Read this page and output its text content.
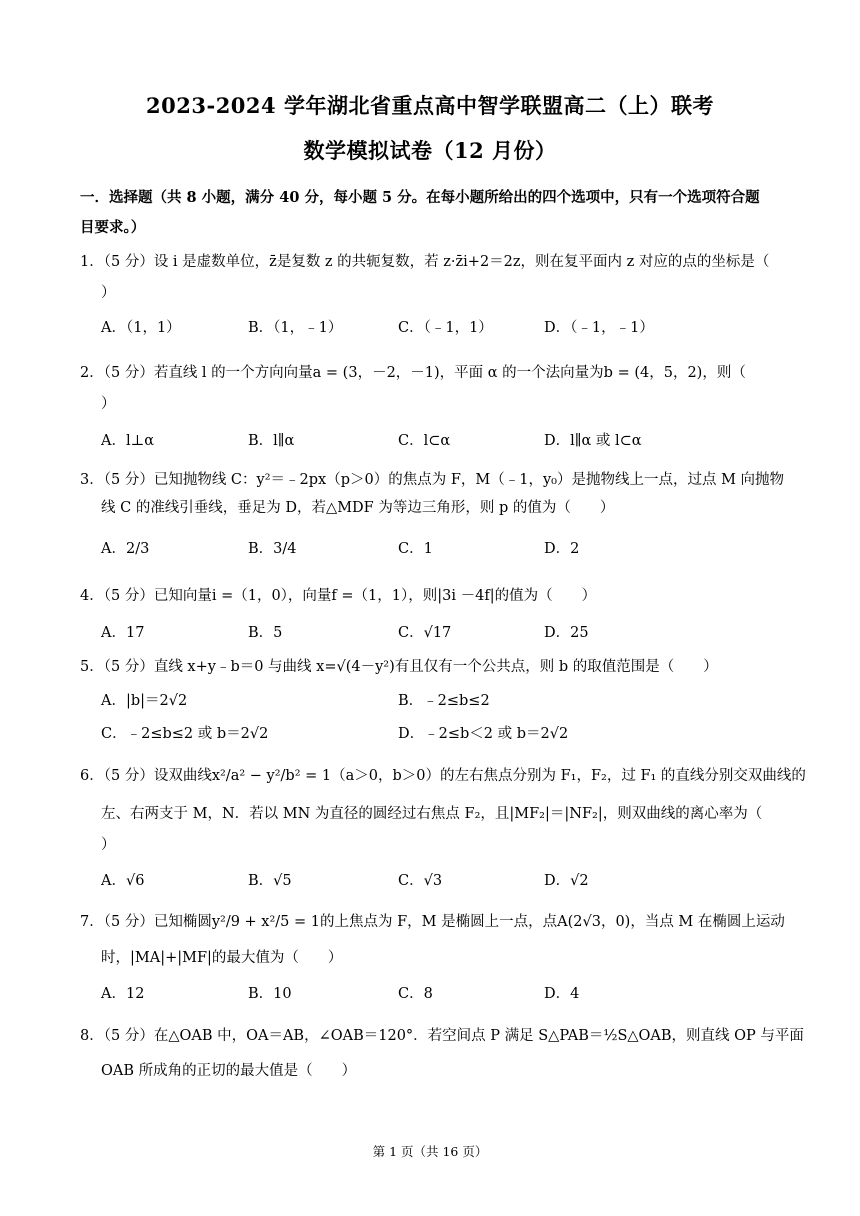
2023-2024 学年湖北省重点高中智学联盟高二（上）联考
数学模拟试卷（12 月份）
一．选择题（共 8 小题，满分 40 分，每小题 5 分。在每小题所给出的四个选项中，只有一个选项符合题
目要求。）
1．（5 分）设 i 是虚数单位，z̄是复数 z 的共轭复数，若 z·z̄i+2＝2z，则在复平面内 z 对应的点的坐标是（
）
A．（1，1）	B．（1，﹣1）	C．（﹣1，1）	D．（﹣1，﹣1）
2．（5 分）若直线 l 的一个方向向量a = (3，－2，－1)，平面 α 的一个法向量为b = (4，5，2)，则（
）
A．l⊥α	B．l∥α	C．l⊂α	D．l∥α 或 l⊂α
3．（5 分）已知抛物线 C：y²＝﹣2px（p＞0）的焦点为 F，M（﹣1，y₀）是抛物线上一点，过点 M 向抛物
线 C 的准线引垂线，垂足为 D，若△MDF 为等边三角形，则 p 的值为（　　）
A．2/3	B．3/4	C．1	D．2
4．（5 分）已知向量i =（1，0），向量f =（1，1），则|3i －4f|的值为（　　）
A．17	B．5	C．√17	D．25
5．（5 分）直线 x+y﹣b＝0 与曲线 x=√(4－y²)有且仅有一个公共点，则 b 的取值范围是（　　）
A．|b|＝2√2	B．﹣2≤b≤2
C．﹣2≤b≤2 或 b＝2√2	D．﹣2≤b＜2 或 b＝2√2
6．（5 分）设双曲线x²/a² − y²/b² = 1（a＞0，b＞0）的左右焦点分别为 F₁，F₂，过 F₁ 的直线分别交双曲线的
左、右两支于 M，N．若以 MN 为直径的圆经过右焦点 F₂，且|MF₂|＝|NF₂|，则双曲线的离心率为（
）
A．√6	B．√5	C．√3	D．√2
7．（5 分）已知椭圆y²/9 + x²/5 = 1的上焦点为 F，M 是椭圆上一点，点A(2√3，0)，当点 M 在椭圆上运动
时，|MA|+|MF|的最大值为（　　）
A．12	B．10	C．8	D．4
8．（5 分）在△OAB 中，OA＝AB，∠OAB＝120°．若空间点 P 满足 S△PAB＝½S△OAB，则直线 OP 与平面
OAB 所成角的正切的最大值是（　　）
第 1 页（共 16 页）
